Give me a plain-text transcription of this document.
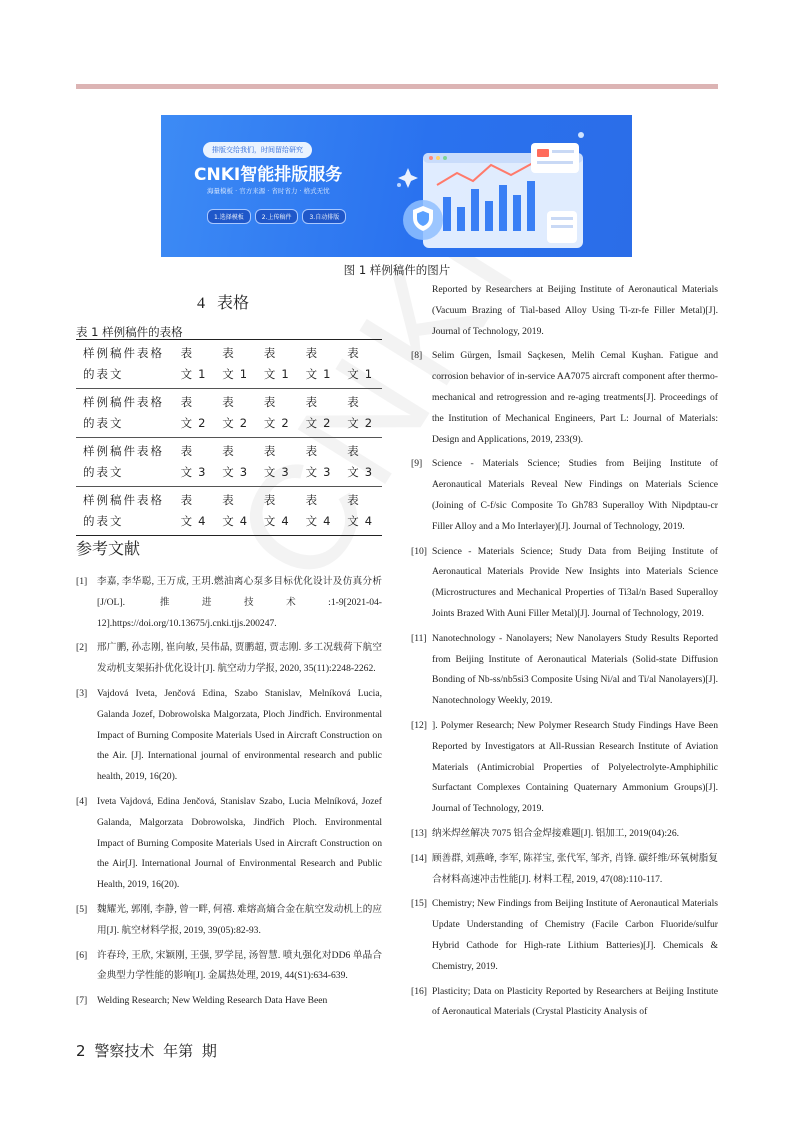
排版交给我们，时间留给研究
CNKI智能排版服务
海量模板 · 官方来源 · 省时省力 · 格式无忧
1.选择模板	2.上传稿件	3.自动排版
图 1 样例稿件的图片
4 表格
表 1 样例稿件的表格
样例稿件表格的表文	表文1	表文1	表文1	表文1	表文1
样例稿件表格的表文	表文2	表文2	表文2	表文2	表文2
样例稿件表格的表文	表文3	表文3	表文3	表文3	表文3
样例稿件表格的表文	表文4	表文4	表文4	表文4	表文4
参考文献
[1] 李嘉, 李华聪, 王万成, 王玥.燃油离心泵多目标优化设计及仿真分析[J/OL]. 推进技术:1-9[2021-04-12].https://doi.org/10.13675/j.cnki.tjjs.200247.
[2] 邢广鹏, 孙志刚, 崔向敏, 吴伟晶, 贾鹏超, 贾志刚. 多工况载荷下航空发动机支架拓扑优化设计[J]. 航空动力学报, 2020, 35(11):2248-2262.
[3] Vajdová Iveta, Jenčová Edina, Szabo Stanislav, Melníková Lucia, Galanda Jozef, Dobrowolska Malgorzata, Ploch Jindřich. Environmental Impact of Burning Composite Materials Used in Aircraft Construction on the Air. [J]. International journal of environmental research and public health, 2019, 16(20).
[4] Iveta Vajdová, Edina Jenčová, Stanislav Szabo, Lucia Melníková, Jozef Galanda, Malgorzata Dobrowolska, Jindřich Ploch. Environmental Impact of Burning Composite Materials Used in Aircraft Construction on the Air[J]. International Journal of Environmental Research and Public Health, 2019, 16(20).
[5] 魏耀光, 郭刚, 李静, 曾一畔, 何禧. 难熔高熵合金在航空发动机上的应用[J]. 航空材料学报, 2019, 39(05):82-93.
[6] 许春玲, 王欣, 宋颖刚, 王强, 罗学昆, 汤智慧. 喷丸强化对DD6 单晶合金典型力学性能的影响[J]. 金属热处理, 2019, 44(S1):634-639.
[7] Welding Research; New Welding Research Data Have Been
Reported by Researchers at Beijing Institute of Aeronautical Materials (Vacuum Brazing of Tial-based Alloy Using Ti-zr-fe Filler Metal)[J]. Journal of Technology, 2019.
[8] Selim Gürgen, İsmail Saçkesen, Melih Cemal Kuşhan. Fatigue and corrosion behavior of in-service AA7075 aircraft component after thermo-mechanical and retrogression and re-aging treatments[J]. Proceedings of the Institution of Mechanical Engineers, Part L: Journal of Materials: Design and Applications, 2019, 233(9).
[9] Science - Materials Science; Studies from Beijing Institute of Aeronautical Materials Reveal New Findings on Materials Science (Joining of C-f/sic Composite To Gh783 Superalloy With Nipdptau-cr Filler Alloy and a Mo Interlayer)[J]. Journal of Technology, 2019.
[10] Science - Materials Science; Study Data from Beijing Institute of Aeronautical Materials Provide New Insights into Materials Science (Microstructures and Mechanical Properties of Ti3al/n Based Superalloy Joints Brazed With Auni Filler Metal)[J]. Journal of Technology, 2019.
[11] Nanotechnology - Nanolayers; New Nanolayers Study Results Reported from Beijing Institute of Aeronautical Materials (Solid-state Diffusion Bonding of Nb-ss/nb5si3 Composite Using Ni/al and Ti/al Nanolayers)[J]. Nanotechnology Weekly, 2019.
[12] ]. Polymer Research; New Polymer Research Study Findings Have Been Reported by Investigators at All-Russian Research Institute of Aviation Materials (Antimicrobial Properties of Polyelectrolyte-Amphiphilic Surfactant Complexes Containing Quaternary Ammonium Groups)[J]. Journal of Technology, 2019.
[13] 纳米焊丝解决 7075 铝合金焊接难题[J]. 铝加工, 2019(04):26.
[14] 顾善群, 刘燕峰, 李军, 陈祥宝, 张代军, 邹齐, 肖锋. 碳纤维/环氧树脂复合材料高速冲击性能[J]. 材料工程, 2019, 47(08):110-117.
[15] Chemistry; New Findings from Beijing Institute of Aeronautical Materials Update Understanding of Chemistry (Facile Carbon Fluoride/sulfur Hybrid Cathode for High-rate Lithium Batteries)[J]. Chemicals & Chemistry, 2019.
[16] Plasticity; Data on Plasticity Reported by Researchers at Beijing Institute of Aeronautical Materials (Crystal Plasticity Analysis of
2 警察技术 年第 期
